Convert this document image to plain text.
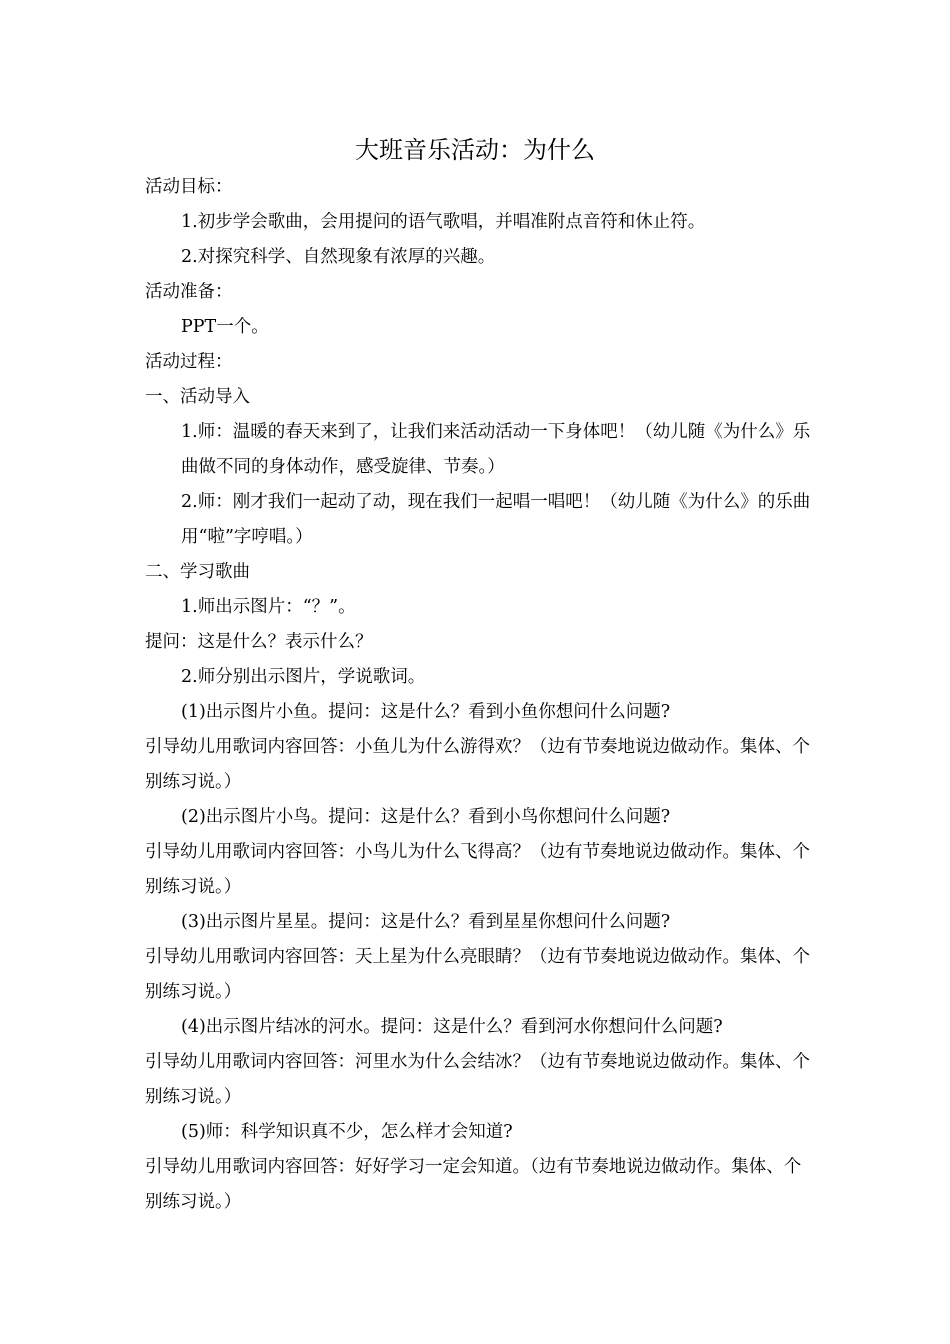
大班音乐活动：为什么

活动目标：

1.初步学会歌曲，会用提问的语气歌唱，并唱准附点音符和休止符。

2.对探究科学、自然现象有浓厚的兴趣。

活动准备：

PPT一个。

活动过程：

一、活动导入

1.师：温暖的春天来到了，让我们来活动活动一下身体吧！（幼儿随《为什么》乐曲做不同的身体动作，感受旋律、节奏。）

2.师：刚才我们一起动了动，现在我们一起唱一唱吧！（幼儿随《为什么》的乐曲用“啦”字哼唱。）

二、学习歌曲

1.师出示图片：“？”。

提问：这是什么？表示什么？

2.师分别出示图片，学说歌词。

(1)出示图片小鱼。提问：这是什么？看到小鱼你想问什么问题?

引导幼儿用歌词内容回答：小鱼儿为什么游得欢？（边有节奏地说边做动作。集体、个别练习说。）

(2)出示图片小鸟。提问：这是什么？看到小鸟你想问什么问题?

引导幼儿用歌词内容回答：小鸟儿为什么飞得高？（边有节奏地说边做动作。集体、个别练习说。）

(3)出示图片星星。提问：这是什么？看到星星你想问什么问题?

引导幼儿用歌词内容回答：天上星为什么亮眼睛？（边有节奏地说边做动作。集体、个别练习说。）

(4)出示图片结冰的河水。提问：这是什么？看到河水你想问什么问题?

引导幼儿用歌词内容回答：河里水为什么会结冰？（边有节奏地说边做动作。集体、个别练习说。）

(5)师：科学知识真不少，怎么样才会知道?

引导幼儿用歌词内容回答：好好学习一定会知道。（边有节奏地说边做动作。集体、个别练习说。）
